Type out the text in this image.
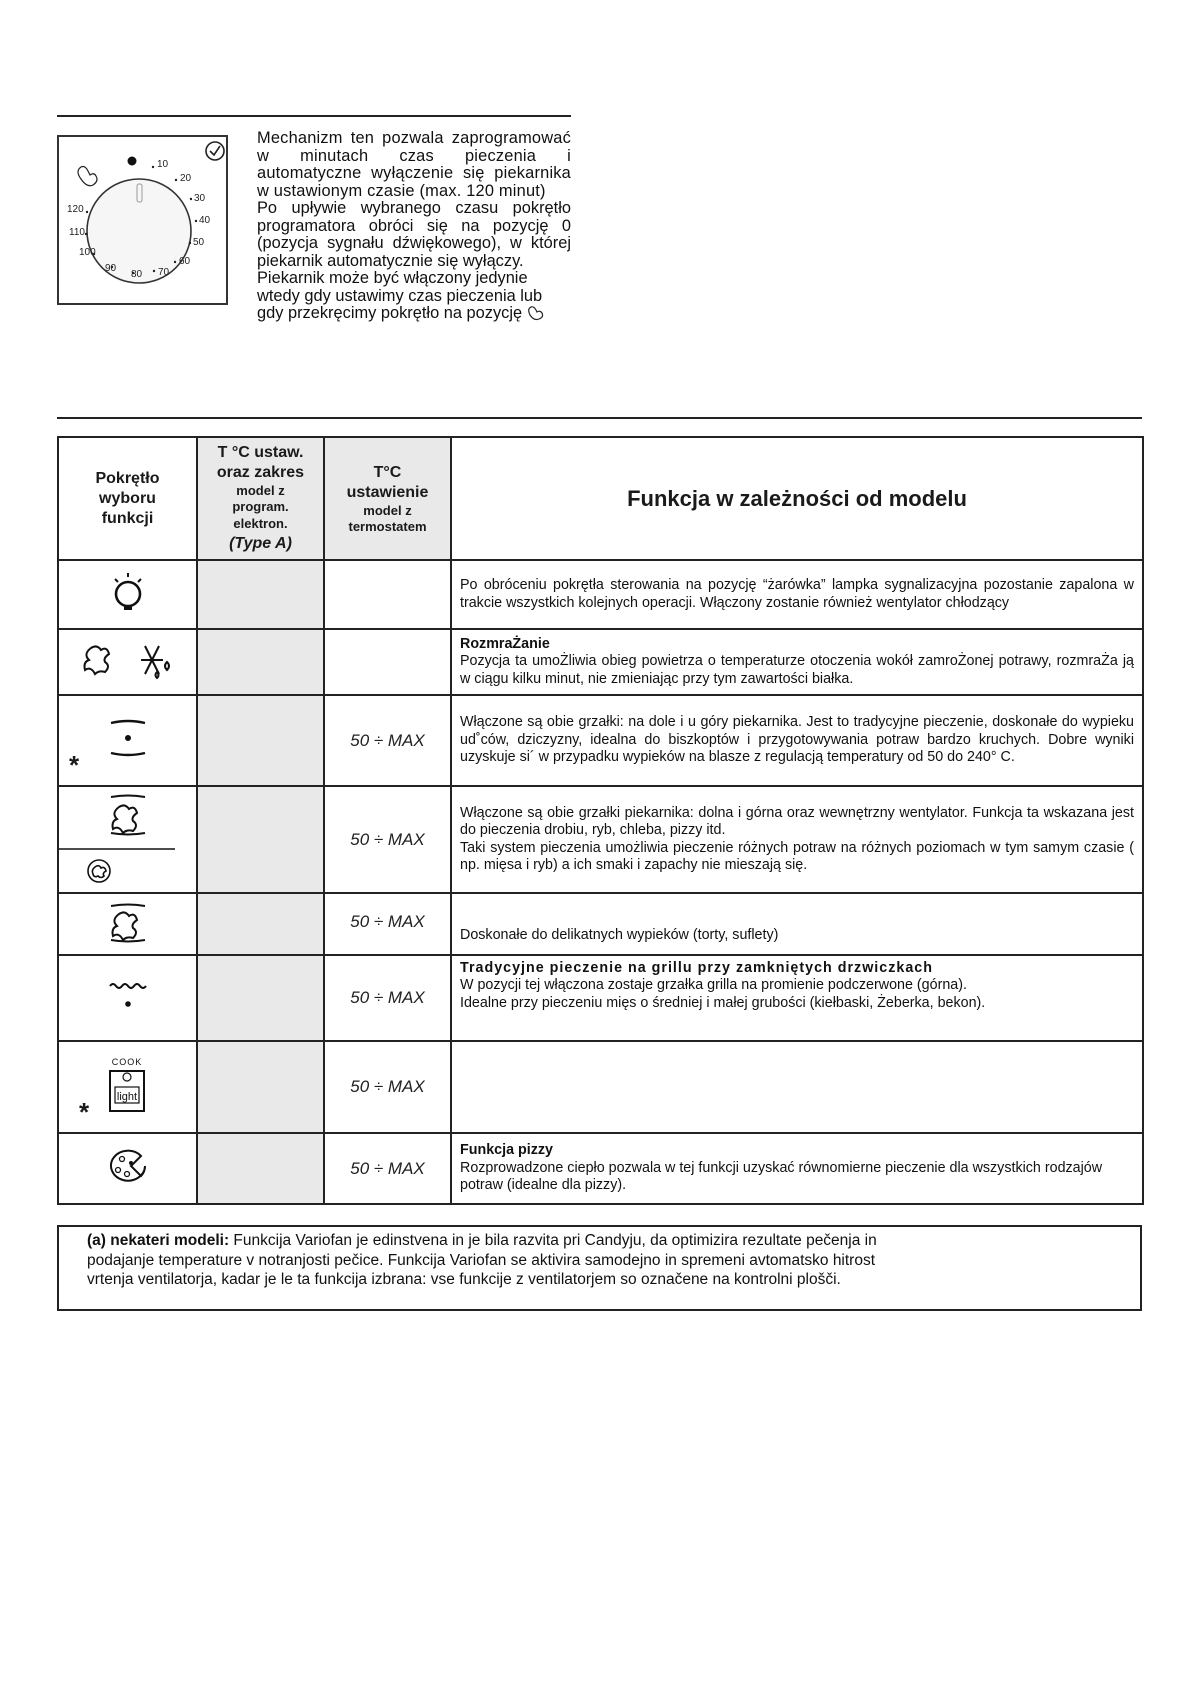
10
20
30
40
50
60
70
80
90
100
110
120

Mechanizm ten pozwala zaprogramować w minutach czas pieczenia i automatyczne wyłączenie się piekarnika w ustawionym czasie (max. 120 minut)

Po upływie wybranego czasu pokrętło programatora obróci się na pozycję 0 (pozycja sygnału dźwiękowego), w której piekarnik automatycznie się wyłączy.

Piekarnik może być włączony jedynie wtedy gdy ustawimy czas pieczenia lub gdy przekręcimy pokrętło na pozycję

Pokrętło
wyboru
funkcji

T °C ustaw.
oraz zakres
model z
program.
elektron.
(Type A)

T°C
ustawienie
model z
termostatem
	Funkcja w zależności od modelu
			Po obróceniu pokrętła sterowania na pozycję “żarówka” lampka sygnalizacyjna pozostanie zapalona w trakcie wszystkich kolejnych operacji. Włączony zostanie również wentylator chłodzący

RozmraŻanie
Pozycja ta umoŻliwia obieg powietrza o temperaturze otoczenia wokół zamroŻonej potrawy, rozmraŻa ją w ciągu kilku minut, nie zmieniając przy tym zawartości białka.

*
		50 ÷ MAX	Włączone są obie grzałki: na dole i u góry piekarnika. Jest to tradycyjne pieczenie, doskonałe do wypieku ud˚ców, dziczyzny, idealna do biszkoptów i przygotowywania potraw bardzo kruchych. Dobre wyniki uzyskuje si´ w przypadku wypieków na blasze z regulacją temperatury od 50 do 240° C.
		50 ÷ MAX	
Włączone są obie grzałki piekarnika: dolna i górna oraz wewnętrzny wentylator. Funkcja ta wskazana jest do pieczenia drobiu, ryb, chleba, pizzy itd.
Taki system pieczenia umożliwia pieczenie różnych potraw na różnych poziomach w tym samym czasie ( np. mięsa i ryb) a ich smaki i zapachy nie mieszają się.

		50 ÷ MAX	Doskonałe do delikatnych wypieków (torty, suflety)
		50 ÷ MAX	
Tradycyjne pieczenie na grillu przy zamkniętych drzwiczkach
W pozycji tej włączona zostaje grzałka grilla na promienie podczerwone (górna). Idealne przy pieczeniu mięs o średniej i małej grubości (kiełbaski, Żeberka, bekon).

light
COOK
*
		50 ÷ MAX	
		50 ÷ MAX	
Funkcja pizzy
Rozprowadzone ciepło pozwala w tej funkcji uzyskać równomierne pieczenie dla wszystkich rodzajów potraw (idealne dla pizzy).
(a) nekateri modeli: Funkcija Variofan je edinstvena in je bila razvita pri Candyju, da optimizira rezultate pečenja in podajanje temperature v notranjosti pečice. Funkcija Variofan se aktivira samodejno in spremeni avtomatsko hitrost vrtenja ventilatorja, kadar je le ta funkcija izbrana: vse funkcije z ventilatorjem so označene na kontrolni plošči.
